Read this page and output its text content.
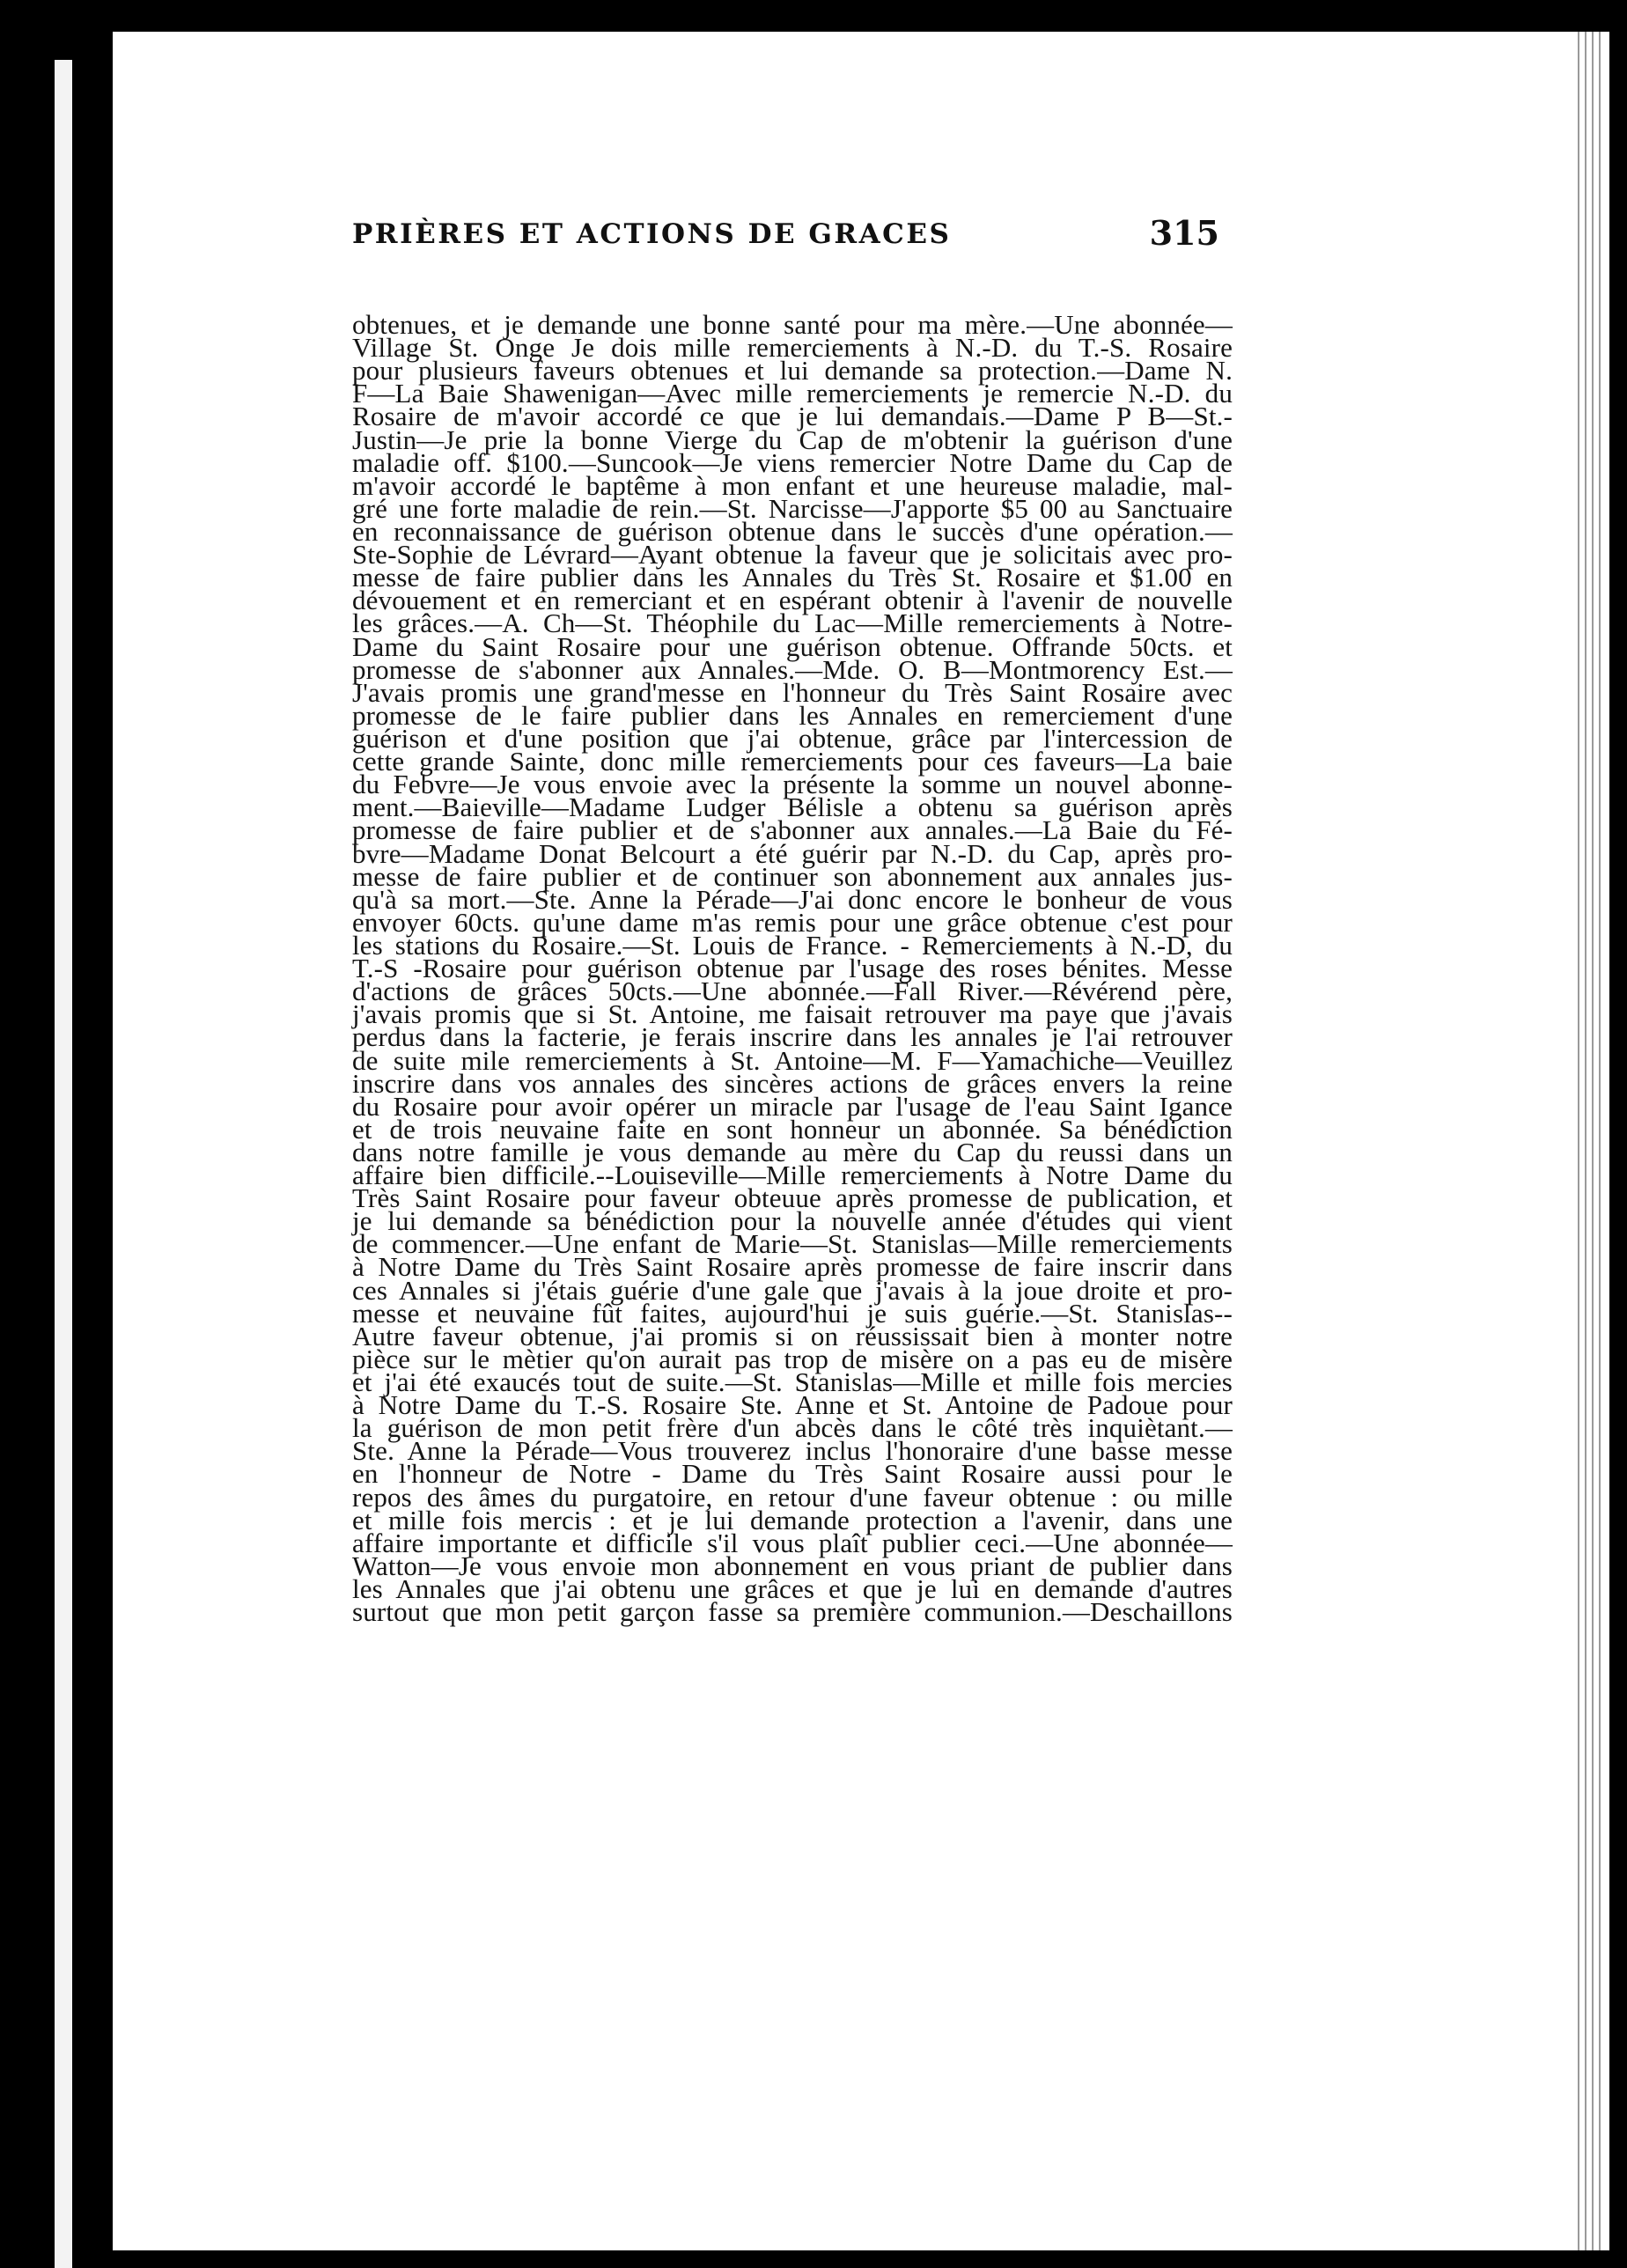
PRIÈRES ET ACTIONS DE GRACES	315
obtenues, et je demande une bonne santé pour ma mère.—Une abonnée—
Village St. Onge Je dois mille remerciements à N.-D. du T.-S. Rosaire
pour plusieurs faveurs obtenues et lui demande sa protection.—Dame N.
F—La Baie Shawenigan—Avec mille remerciements je remercie N.-D. du
Rosaire de m'avoir accordé ce que je lui demandais.—Dame P B—St.-
Justin—Je prie la bonne Vierge du Cap de m'obtenir la guérison d'une
maladie off. $100.—Suncook—Je viens remercier Notre Dame du Cap de
m'avoir accordé le baptême à mon enfant et une heureuse maladie, mal-
gré une forte maladie de rein.—St. Narcisse—J'apporte $5 00 au Sanctuaire
en reconnaissance de guérison obtenue dans le succès d'une opération.—
Ste-Sophie de Lévrard—Ayant obtenue la faveur que je solicitais avec pro-
messe de faire publier dans les Annales du Très St. Rosaire et $1.00 en
dévouement et en remerciant et en espérant obtenir à l'avenir de nouvelle
les grâces.—A. Ch—St. Théophile du Lac—Mille remerciements à Notre-
Dame du Saint Rosaire pour une guérison obtenue. Offrande 50cts. et
promesse de s'abonner aux Annales.—Mde. O. B—Montmorency Est.—
J'avais promis une grand'messe en l'honneur du Très Saint Rosaire avec
promesse de le faire publier dans les Annales en remerciement d'une
guérison et d'une position que j'ai obtenue, grâce par l'intercession de
cette grande Sainte, donc mille remerciements pour ces faveurs—La baie
du Febvre—Je vous envoie avec la présente la somme un nouvel abonne-
ment.—Baieville—Madame Ludger Bélisle a obtenu sa guérison après
promesse de faire publier et de s'abonner aux annales.—La Baie du Fé-
bvre—Madame Donat Belcourt a été guérir par N.-D. du Cap, après pro-
messe de faire publier et de continuer son abonnement aux annales jus-
qu'à sa mort.—Ste. Anne la Pérade—J'ai donc encore le bonheur de vous
envoyer 60cts. qu'une dame m'as remis pour une grâce obtenue c'est pour
les stations du Rosaire.—St. Louis de France. - Remerciements à N.-D, du
T.-S -Rosaire pour guérison obtenue par l'usage des roses bénites. Messe
d'actions de grâces 50cts.—Une abonnée.—Fall River.—Révérend père,
j'avais promis que si St. Antoine, me faisait retrouver ma paye que j'avais
perdus dans la facterie, je ferais inscrire dans les annales je l'ai retrouver
de suite mile remerciements à St. Antoine—M. F—Yamachiche—Veuillez
inscrire dans vos annales des sincères actions de grâces envers la reine
du Rosaire pour avoir opérer un miracle par l'usage de l'eau Saint Igance
et de trois neuvaine faite en sont honneur un abonnée. Sa bénédiction
dans notre famille je vous demande au mère du Cap du reussi dans un
affaire bien difficile.--Louiseville—Mille remerciements à Notre Dame du
Très Saint Rosaire pour faveur obteuue après promesse de publication, et
je lui demande sa bénédiction pour la nouvelle année d'études qui vient
de commencer.—Une enfant de Marie—St. Stanislas—Mille remerciements
à Notre Dame du Très Saint Rosaire après promesse de faire inscrir dans
ces Annales si j'étais guérie d'une gale que j'avais à la joue droite et pro-
messe et neuvaine fût faites, aujourd'hui je suis guérie.—St. Stanislas--
Autre faveur obtenue, j'ai promis si on réussissait bien à monter notre
pièce sur le mètier qu'on aurait pas trop de misère on a pas eu de misère
et j'ai été exaucés tout de suite.—St. Stanislas—Mille et mille fois mercies
à Notre Dame du T.-S. Rosaire Ste. Anne et St. Antoine de Padoue pour
la guérison de mon petit frère d'un abcès dans le côté très inquiètant.—
Ste. Anne la Pérade—Vous trouverez inclus l'honoraire d'une basse messe
en l'honneur de Notre - Dame du Très Saint Rosaire aussi pour le
repos des âmes du purgatoire, en retour d'une faveur obtenue : ou mille
et mille fois mercis : et je lui demande protection a l'avenir, dans une
affaire importante et difficile s'il vous plaît publier ceci.—Une abonnée—
Watton—Je vous envoie mon abonnement en vous priant de publier dans
les Annales que j'ai obtenu une grâces et que je lui en demande d'autres
surtout que mon petit garçon fasse sa première communion.—Deschaillons
